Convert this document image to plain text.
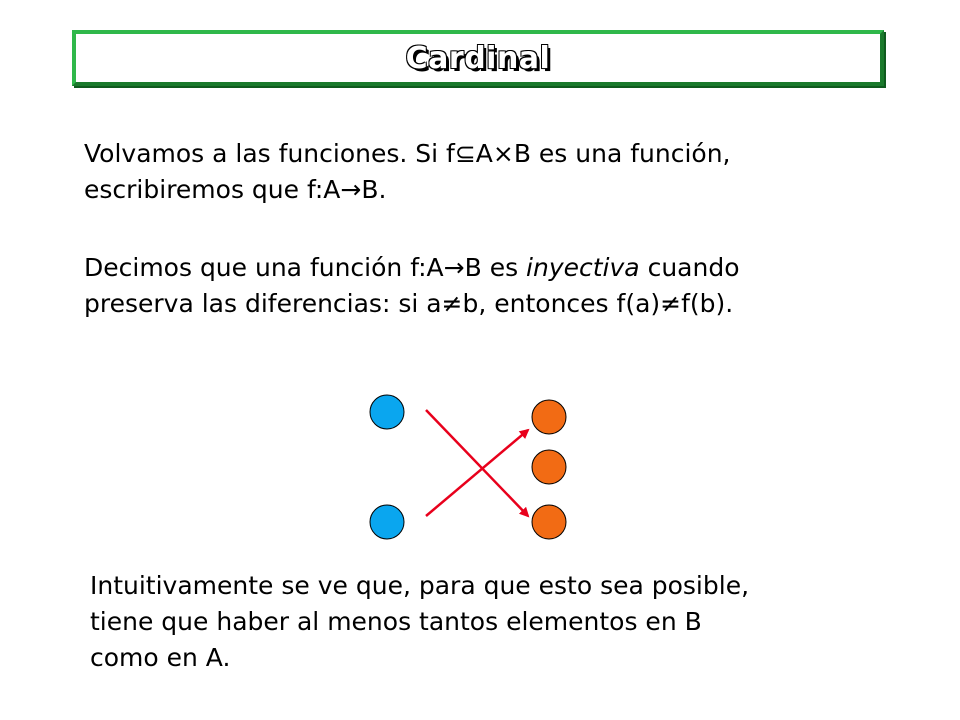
Cardinal

Volvamos a las funciones. Si f⊆A×B es una función,
escribiremos que f:A→B.

Decimos que una función f:A→B es inyectiva cuando
preserva las diferencias: si a≠b, entonces f(a)≠f(b).

Intuitivamente se ve que, para que esto sea posible,
tiene que haber al menos tantos elementos en B
como en A.
